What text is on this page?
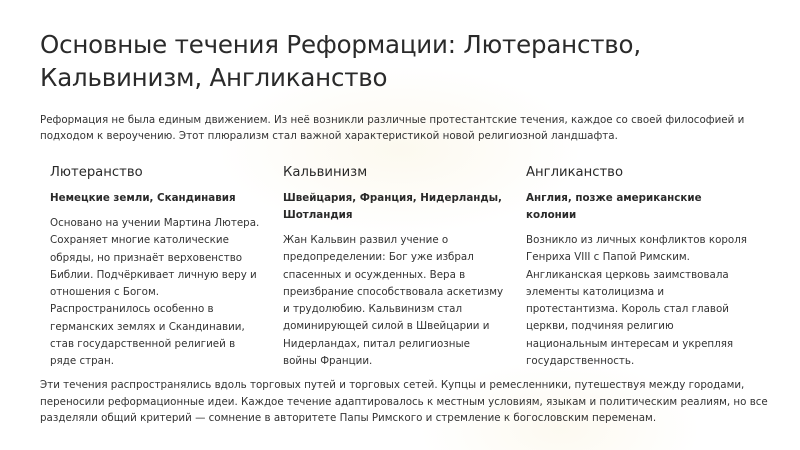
Основные течения Реформации: Лютеранство, Кальвинизм, Англиканство

Реформация не была единым движением. Из неё возникли различные протестантские течения, каждое со своей философией и подходом к вероучению. Этот плюрализм стал важной характеристикой новой религиозной ландшафта.

Лютеранство

Немецкие земли, Скандинавия

Основано на учении Мартина Лютера. Сохраняет многие католические обряды, но признаёт верховенство Библии. Подчёркивает личную веру и отношения с Богом. Распространилось особенно в германских землях и Скандинавии, став государственной религией в ряде стран.

Кальвинизм

Швейцария, Франция, Нидерланды, Шотландия

Жан Кальвин развил учение о предопределении: Бог уже избрал спасенных и осужденных. Вера в преизбрание способствовала аскетизму и трудолюбию. Кальвинизм стал доминирующей силой в Швейцарии и Нидерландах, питал религиозные войны Франции.

Англиканство

Англия, позже американские колонии

Возникло из личных конфликтов короля Генриха VIII с Папой Римским. Англиканская церковь заимствовала элементы католицизма и протестантизма. Король стал главой церкви, подчиняя религию национальным интересам и укрепляя государственность.

Эти течения распространялись вдоль торговых путей и торговых сетей. Купцы и ремесленники, путешествуя между городами, переносили реформационные идеи. Каждое течение адаптировалось к местным условиям, языкам и политическим реалиям, но все разделяли общий критерий — сомнение в авторитете Папы Римского и стремление к богословским переменам.
